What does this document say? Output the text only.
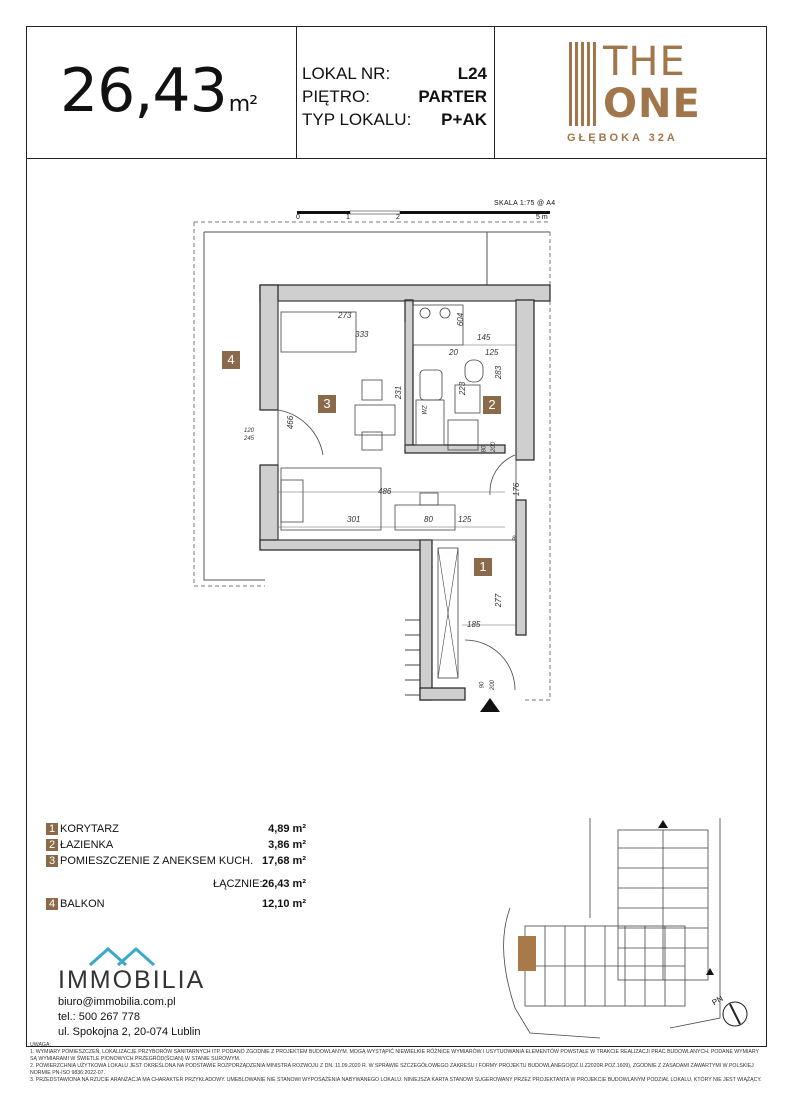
26,43m²
LOKAL NR:	L24
PIĘTRO:	PARTER
TYP LOKALU: P+AK
THE
ONE
GŁĘBOKA 32A
SKALA 1:75 @ A4
0	1	2	5 m
1
2
3
4
273
333	145
604
125
20
283
223
231
466
120
245
486
301	125
80
176
80 200
277
185
90 200
8
WZ
1 KORYTARZ	4,89 m²
2 ŁAZIENKA	3,86 m²
3 POMIESZCZENIE Z ANEKSEM KUCH. 17,68 m²
ŁĄCZNIE: 26,43 m²
4 BALKON	12,10 m²
IMMOBILIA
biuro@immobilia.com.pl
tel.: 500 267 778
ul. Spokojna 2, 20-074 Lublin
PN
UWAGA:
1. WYMIARY POMIESZCZEŃ, LOKALIZACJE PRZYBORÓW SANITARNYCH ITP. PODANO ZGODNIE Z PROJEKTEM BUDOWLANYM. MOGĄ WYSTĄPIĆ NIEWIELKIE RÓŻNICE WYMIARÓW I USYTUOWANIA ELEMENTÓW POWSTAŁE W TRAKCIE REALIZACJI PRAC BUDOWLANYCH. PODANE WYMIARY SĄ WYMIARAMI W ŚWIETLE PIONOWYCH PRZEGRÓD(ŚCIAN) W STANIE SUROWYM.
2. POWIERZCHNIA UŻYTKOWA LOKALU JEST OKREŚLONA NA PODSTAWIE ROZPORZĄDZENIA MINISTRA ROZWOJU Z DN. 11.09.2020 R. W SPRAWIE SZCZEGÓŁOWEGO ZAKRESU I FORMY PROJEKTU BUDOWLANEGO(DZ.U.Z2020R.POZ.1609), ZGODNIE Z ZASADAMI ZAWARTYMI W POLSKIEJ NORMIE PN-ISO 9836:2022-07.
3. PRZEDSTAWIONA NA RZUCIE ARANŻACJA MA CHARAKTER PRZYKŁADOWY. UMEBLOWANIE NIE STANOWI WYPOSAŻENIA NABYWANEGO LOKALU. NINIEJSZA KARTA STANOWI SUGEROWANY PRZEZ PROJEKTANTA W PROJEKCIE BUDOWLANYM PODZIAŁ LOKALU, KTÓRY NIE JEST WIĄŻĄCY.
